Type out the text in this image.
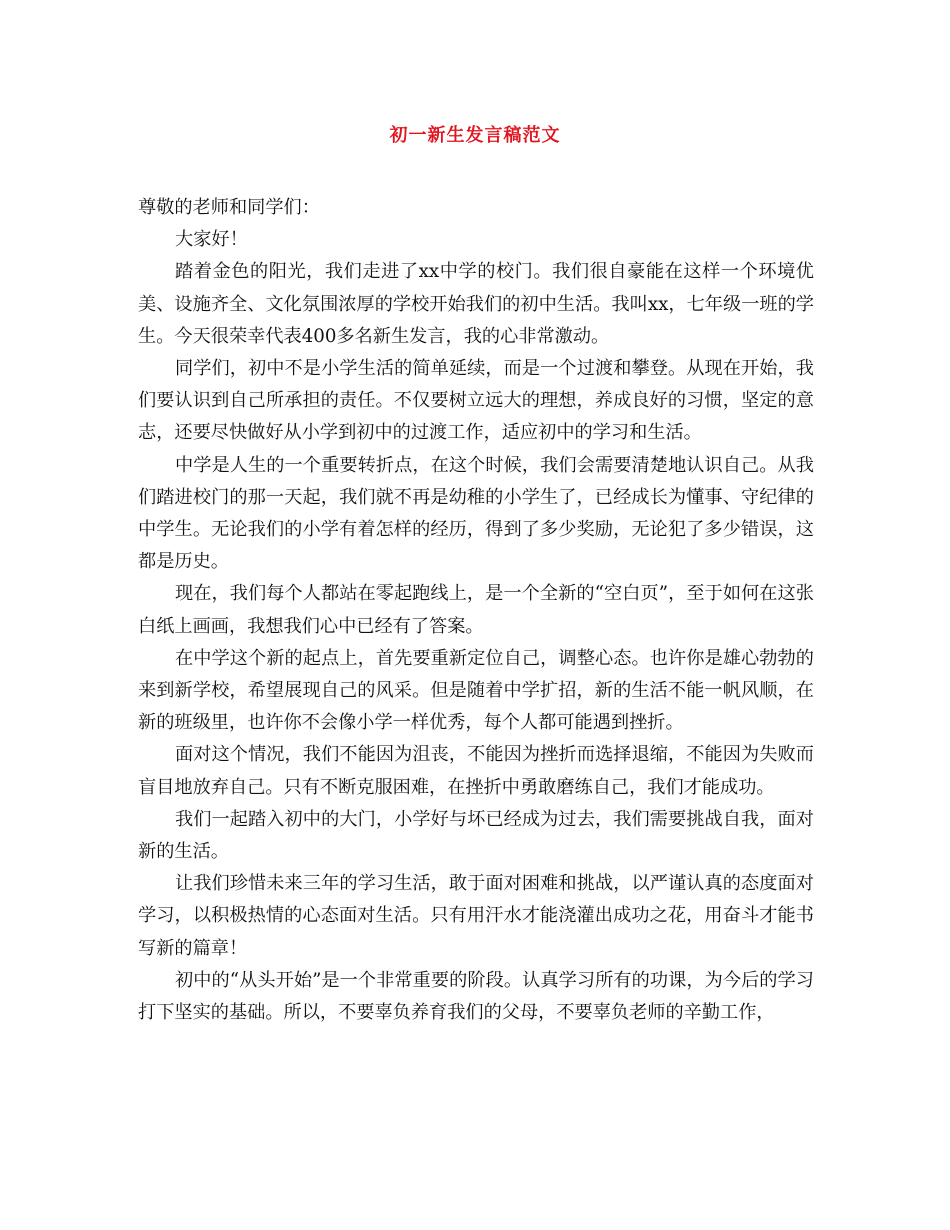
初一新生发言稿范文

尊敬的老师和同学们：

大家好！

踏着金色的阳光，我们走进了xx中学的校门。我们很自豪能在这样一个环境优美、设施齐全、文化氛围浓厚的学校开始我们的初中生活。我叫xx，七年级一班的学生。今天很荣幸代表400多名新生发言，我的心非常激动。

同学们，初中不是小学生活的简单延续，而是一个过渡和攀登。从现在开始，我们要认识到自己所承担的责任。不仅要树立远大的理想，养成良好的习惯，坚定的意志，还要尽快做好从小学到初中的过渡工作，适应初中的学习和生活。

中学是人生的一个重要转折点，在这个时候，我们会需要清楚地认识自己。从我们踏进校门的那一天起，我们就不再是幼稚的小学生了，已经成长为懂事、守纪律的中学生。无论我们的小学有着怎样的经历，得到了多少奖励，无论犯了多少错误，这都是历史。

现在，我们每个人都站在零起跑线上，是一个全新的“空白页”，至于如何在这张白纸上画画，我想我们心中已经有了答案。

在中学这个新的起点上，首先要重新定位自己，调整心态。也许你是雄心勃勃的来到新学校，希望展现自己的风采。但是随着中学扩招，新的生活不能一帆风顺，在新的班级里，也许你不会像小学一样优秀，每个人都可能遇到挫折。

面对这个情况，我们不能因为沮丧，不能因为挫折而选择退缩，不能因为失败而盲目地放弃自己。只有不断克服困难，在挫折中勇敢磨练自己，我们才能成功。

我们一起踏入初中的大门，小学好与坏已经成为过去，我们需要挑战自我，面对新的生活。

让我们珍惜未来三年的学习生活，敢于面对困难和挑战，以严谨认真的态度面对学习，以积极热情的心态面对生活。只有用汗水才能浇灌出成功之花，用奋斗才能书写新的篇章！

初中的“从头开始”是一个非常重要的阶段。认真学习所有的功课，为今后的学习打下坚实的基础。所以，不要辜负养育我们的父母，不要辜负老师的辛勤工作，
